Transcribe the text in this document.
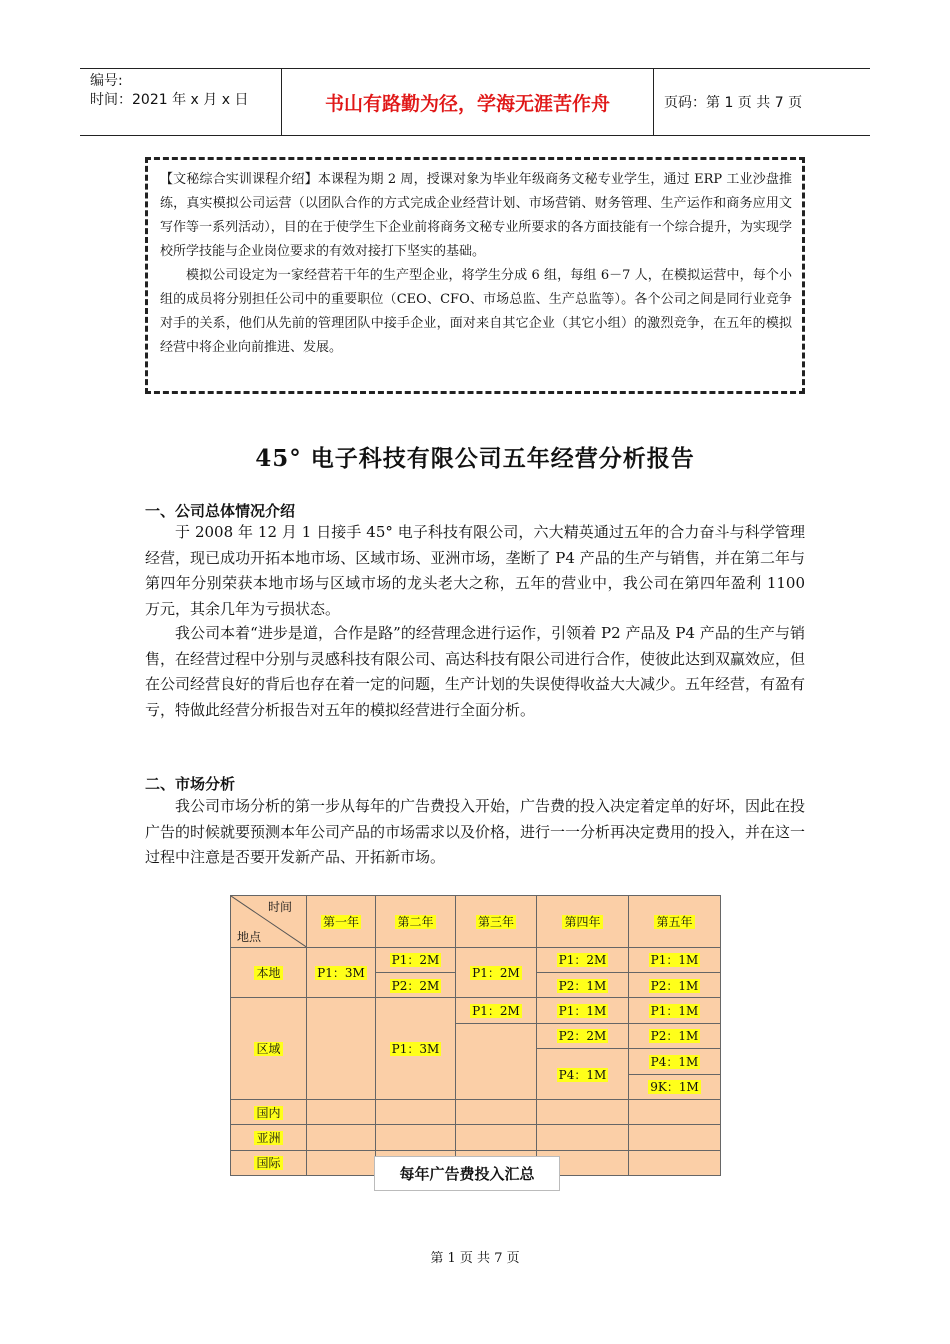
编号:
时间：2021 年 x 月 x 日	书山有路勤为径，学海无涯苦作舟	页码：第 1 页 共 7 页

【文秘综合实训课程介绍】本课程为期 2 周，授课对象为毕业年级商务文秘专业学生，通过 ERP 工业沙盘推练，真实模拟公司运营（以团队合作的方式完成企业经营计划、市场营销、财务管理、生产运作和商务应用文写作等一系列活动），目的在于使学生下企业前将商务文秘专业所要求的各方面技能有一个综合提升，为实现学校所学技能与企业岗位要求的有效对接打下坚实的基础。

模拟公司设定为一家经营若干年的生产型企业，将学生分成 6 组，每组 6－7 人，在模拟运营中，每个小组的成员将分别担任公司中的重要职位（CEO、CFO、市场总监、生产总监等）。各个公司之间是同行业竞争对手的关系，他们从先前的管理团队中接手企业，面对来自其它企业（其它小组）的激烈竞争，在五年的模拟经营中将企业向前推进、发展。

45° 电子科技有限公司五年经营分析报告
一、公司总体情况介绍
于 2008 年 12 月 1 日接手 45° 电子科技有限公司，六大精英通过五年的合力奋斗与科学管理经营，现已成功开拓本地市场、区域市场、亚洲市场，垄断了 P4 产品的生产与销售，并在第二年与第四年分别荣获本地市场与区域市场的龙头老大之称，五年的营业中，我公司在第四年盈利 1100 万元，其余几年为亏损状态。
我公司本着“进步是道，合作是路”的经营理念进行运作，引领着 P2 产品及 P4 产品的生产与销售，在经营过程中分别与灵感科技有限公司、高达科技有限公司进行合作，使彼此达到双赢效应，但在公司经营良好的背后也存在着一定的问题，生产计划的失误使得收益大大减少。五年经营，有盈有亏，特做此经营分析报告对五年的模拟经营进行全面分析。
二、市场分析
我公司市场分析的第一步从每年的广告费投入开始，广告费的投入决定着定单的好坏，因此在投广告的时候就要预测本年公司产品的市场需求以及价格，进行一一分析再决定费用的投入，并在这一过程中注意是否要开发新产品、开拓新市场。
时间
地点	第一年	第二年	第三年	第四年	第五年
本地	P1：3M	P1：2M	P1：2M	P1：2M	P1：1M
		P2：2M		P2：1M	P2：1M
区域		P1：3M	P1：2M	P1：1M	P1：1M
				P2：2M	P2：1M
				P4：1M	P4：1M
					9K：1M
国内					
亚洲					
国际					
每年广告费投入汇总
第 1 页 共 7 页
